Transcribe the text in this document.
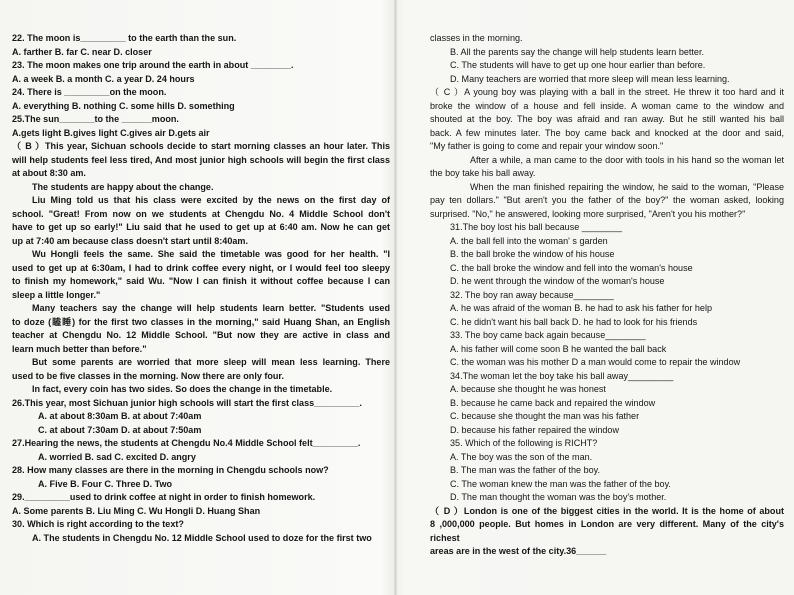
22. The moon is_________ to the earth than the sun.
A. farther B. far C. near D. closer
23. The moon makes one trip around the earth in about ________.
A. a week B. a month C. a year D. 24 hours
24. There is _________on the moon.
A. everything B. nothing C. some hills D. something
25.The sun_______to the ______moon.
A.gets light B.gives light C.gives air D.gets air
（ B ）This year, Sichuan schools decide to start morning classes an hour later. This
will help students feel less tired, And most junior high schools will begin the first class
at about 8:30 am.
The students are happy about the change.
Liu Ming told us that his class were excited by the news on the first day of
school. "Great! From now on we students at Chengdu No. 4 Middle School don't
have to get up so early!" Liu said that he used to get up at 6:40 am. Now he can get
up at 7:40 am because class doesn't start until 8:40am.
Wu Hongli feels the same. She said the timetable was good for her health. "I
used to get up at 6:30am, I had to drink coffee every night, or I would feel too sleepy
to finish my homework," said Wu. "Now I can finish it without coffee because I can
sleep a little longer."
Many teachers say the change will help students learn better. "Students used
to doze (瞌睡) for the first two classes in the morning," said Huang Shan, an English
teacher at Chengdu No. 12 Middle School. "But now they are active in class and
learn much better than before."
But some parents are worried that more sleep will mean less learning. There
used to be five classes in the morning. Now there are only four.
In fact, every coin has two sides. So does the change in the timetable.
26.This year, most Sichuan junior high schools will start the first class_________.
A. at about 8:30am B. at about 7:40am
C. at about 7:30am D. at about 7:50am
27.Hearing the news, the students at Chengdu No.4 Middle School felt_________.
A. worried B. sad C. excited D. angry
28. How many classes are there in the morning in Chengdu schools now?
A. Five B. Four C. Three D. Two
29._________used to drink coffee at night in order to finish homework.
A. Some parents B. Liu Ming C. Wu Hongli D. Huang Shan
30. Which is right according to the text?
A. The students in Chengdu No. 12 Middle School used to doze for the first two
classes in the morning.
B. All the parents say the change will help students learn better.
C. The students will have to get up one hour earlier than before.
D. Many teachers are worried that more sleep will mean less learning.
（ C ）A young boy was playing with a ball in the street. He threw it too hard and it
broke the window of a house and fell inside. A woman came to the window and
shouted at the boy. The boy was afraid and ran away. But he still wanted his ball
back. A few minutes later. The boy came back and knocked at the door and said,
"My father is going to come and repair your window soon."
After a while, a man came to the door with tools in his hand so the woman let
the boy take his ball away.
When the man finished repairing the window, he said to the woman, "Please
pay ten dollars." "But aren't you the father of the boy?" the woman asked, looking
surprised. "No," he answered, looking more surprised, "Aren't you his mother?"
31.The boy lost his ball because ________
A. the ball fell into the woman' s garden
B. the ball broke the window of his house
C. the ball broke the window and fell into the woman's house
D. he went through the window of the woman's house
32. The boy ran away because________
A. he was afraid of the woman B. he had to ask his father for help
C. he didn't want his ball back D. he had to look for his friends
33. The boy came back again because________
A. his father will come soon B he wanted the ball back
C. the woman was his mother D a man would come to repair the window
34.The woman let the boy take his ball away_________
A. because she thought he was honest
B. because he came back and repaired the window
C. because she thought the man was his father
D. because his father repaired the window
35. Which of the following is RICHT?
A. The boy was the son of the man.
B. The man was the father of the boy.
C. The woman knew the man was the father of the boy.
D. The man thought the woman was the boy's mother.
（ D ）London is one of the biggest cities in the world. It is the home of about
8 ,000,000 people. But homes in London are very different. Many of the city's richest
areas are in the west of the city.36______
